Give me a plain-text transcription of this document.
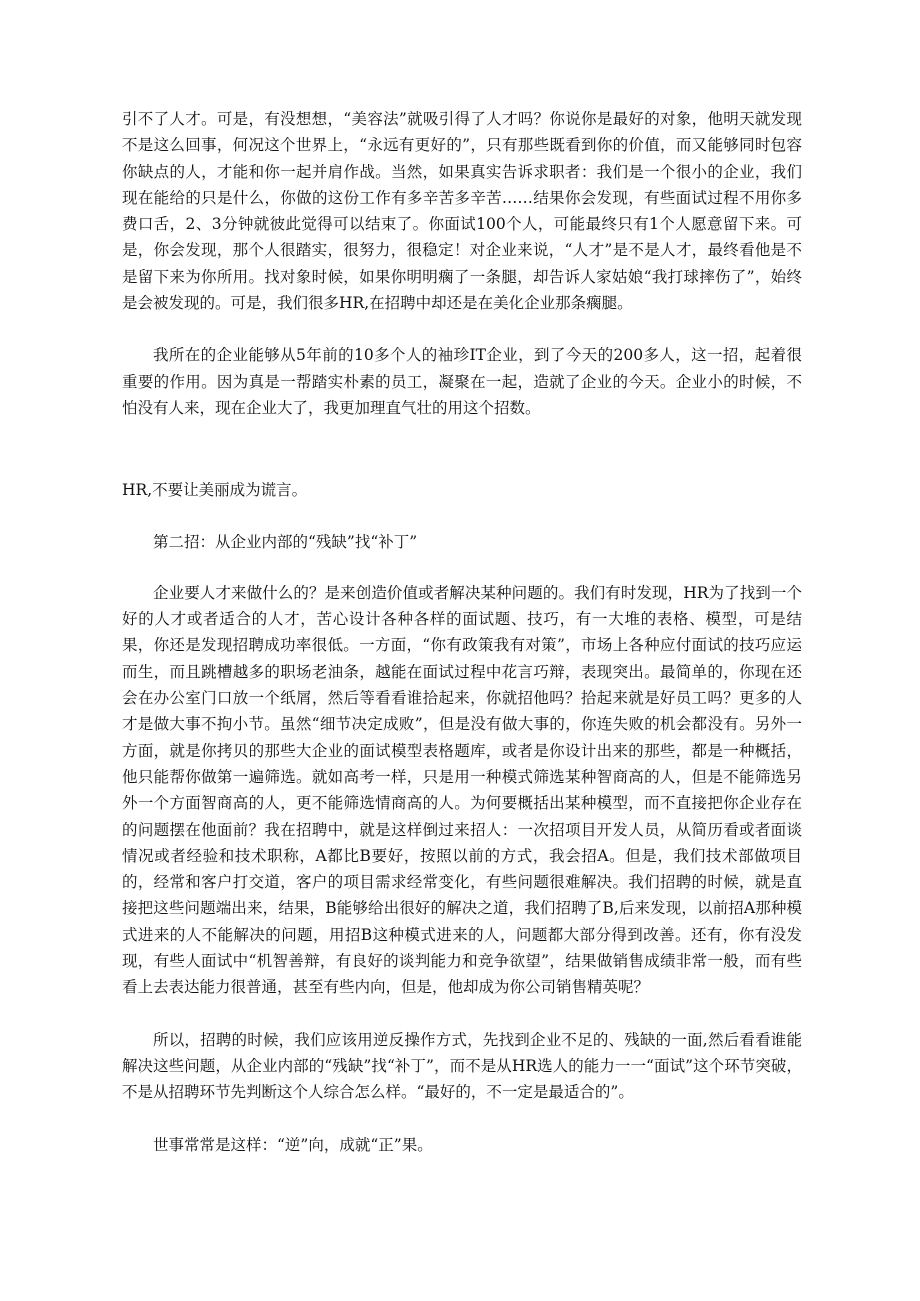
引不了人才。可是，有没想想，“美容法”就吸引得了人才吗？你说你是最好的对象，他明天就发现不是这么回事，何况这个世界上，“永远有更好的”，只有那些既看到你的价值，而又能够同时包容你缺点的人，才能和你一起并肩作战。当然，如果真实告诉求职者：我们是一个很小的企业，我们现在能给的只是什么，你做的这份工作有多辛苦多辛苦……结果你会发现，有些面试过程不用你多费口舌，2、3分钟就彼此觉得可以结束了。你面试100个人，可能最终只有1个人愿意留下来。可是，你会发现，那个人很踏实，很努力，很稳定！对企业来说，“人才”是不是人才，最终看他是不是留下来为你所用。找对象时候，如果你明明瘸了一条腿，却告诉人家姑娘“我打球摔伤了”，始终是会被发现的。可是，我们很多HR,在招聘中却还是在美化企业那条瘸腿。

我所在的企业能够从5年前的10多个人的袖珍IT企业，到了今天的200多人，这一招，起着很重要的作用。因为真是一帮踏实朴素的员工，凝聚在一起，造就了企业的今天。企业小的时候，不怕没有人来，现在企业大了，我更加理直气壮的用这个招数。

HR,不要让美丽成为谎言。

第二招：从企业内部的“残缺”找“补丁”

企业要人才来做什么的？是来创造价值或者解决某种问题的。我们有时发现，HR为了找到一个好的人才或者适合的人才，苦心设计各种各样的面试题、技巧，有一大堆的表格、模型，可是结果，你还是发现招聘成功率很低。一方面，“你有政策我有对策”，市场上各种应付面试的技巧应运而生，而且跳槽越多的职场老油条，越能在面试过程中花言巧辩，表现突出。最简单的，你现在还会在办公室门口放一个纸屑，然后等看看谁拾起来，你就招他吗？拾起来就是好员工吗？更多的人才是做大事不拘小节。虽然“细节决定成败”，但是没有做大事的，你连失败的机会都没有。另外一方面，就是你拷贝的那些大企业的面试模型表格题库，或者是你设计出来的那些，都是一种概括，他只能帮你做第一遍筛选。就如高考一样，只是用一种模式筛选某种智商高的人，但是不能筛选另外一个方面智商高的人，更不能筛选情商高的人。为何要概括出某种模型，而不直接把你企业存在的问题摆在他面前？我在招聘中，就是这样倒过来招人：一次招项目开发人员，从简历看或者面谈情况或者经验和技术职称，A都比B要好，按照以前的方式，我会招A。但是，我们技术部做项目的，经常和客户打交道，客户的项目需求经常变化，有些问题很难解决。我们招聘的时候，就是直接把这些问题端出来，结果，B能够给出很好的解决之道，我们招聘了B,后来发现，以前招A那种模式进来的人不能解决的问题，用招B这种模式进来的人，问题都大部分得到改善。还有，你有没发现，有些人面试中“机智善辩，有良好的谈判能力和竞争欲望”，结果做销售成绩非常一般，而有些看上去表达能力很普通，甚至有些内向，但是，他却成为你公司销售精英呢？

所以，招聘的时候，我们应该用逆反操作方式，先找到企业不足的、残缺的一面,然后看看谁能解决这些问题，从企业内部的“残缺”找“补丁”，而不是从HR选人的能力一一“面试”这个环节突破，不是从招聘环节先判断这个人综合怎么样。“最好的，不一定是最适合的”。

世事常常是这样：“逆”向，成就“正”果。
